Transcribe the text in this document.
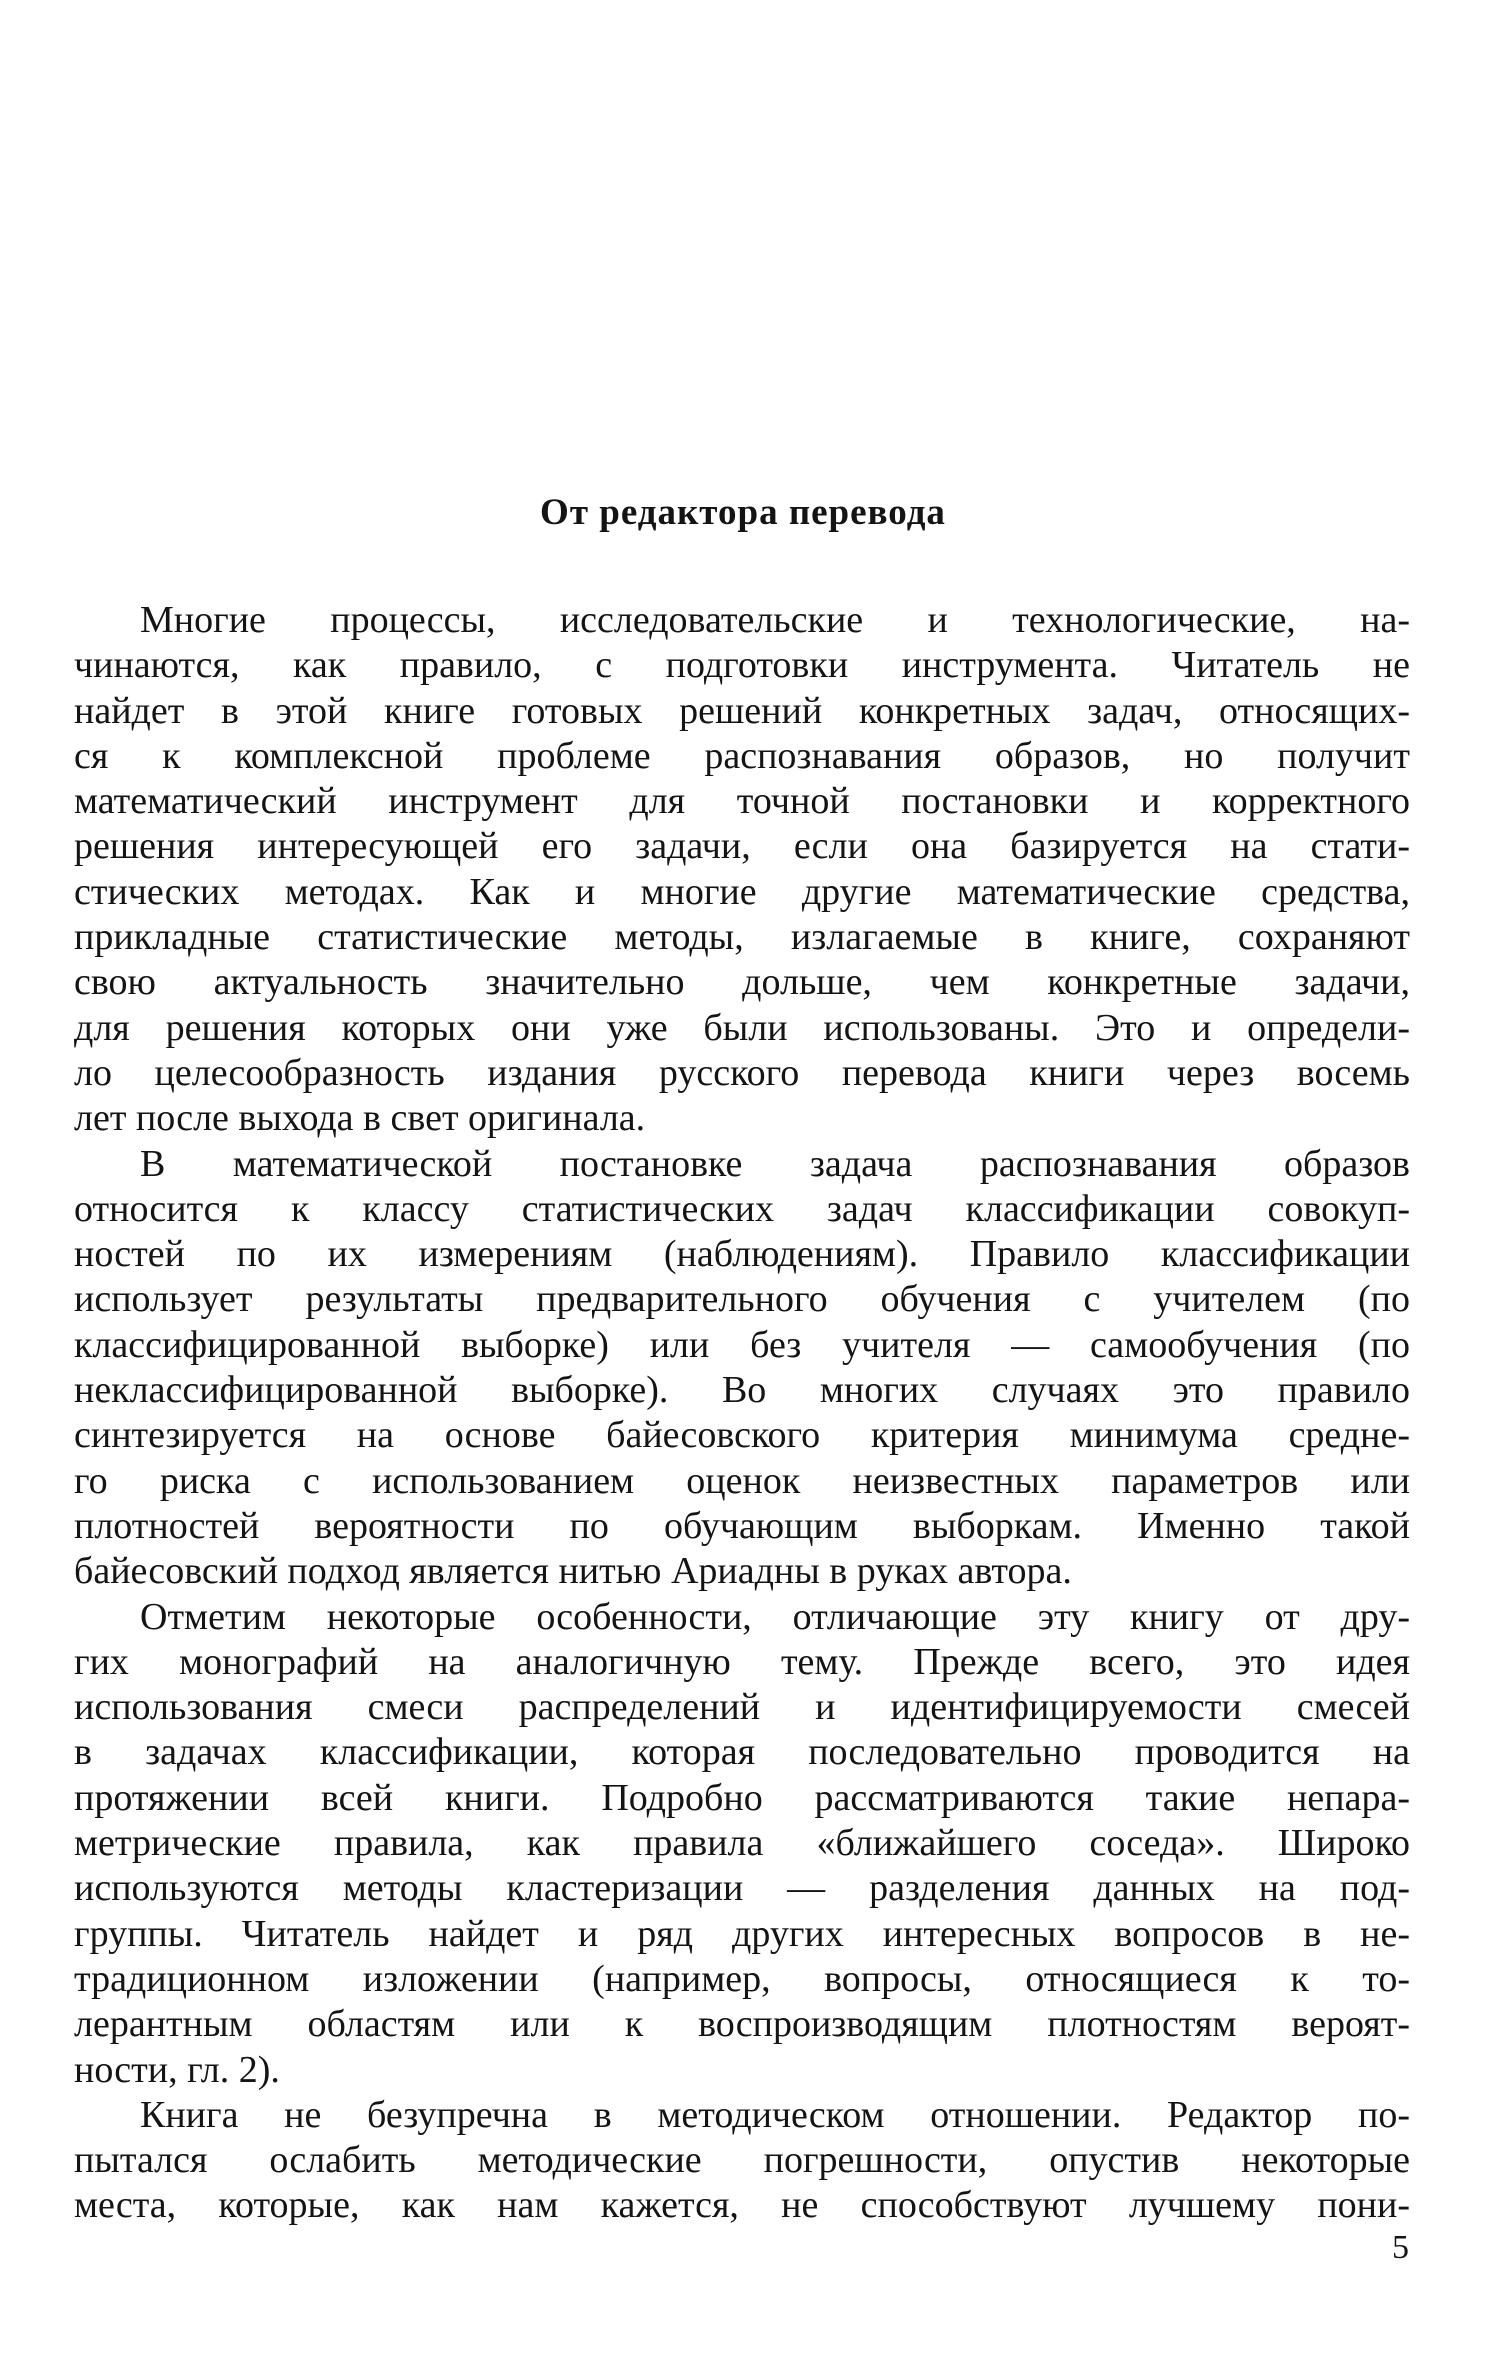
От редактора перевода
Многие процессы, исследовательские и технологические, на-
чинаются, как правило, с подготовки инструмента. Читатель не
найдет в этой книге готовых решений конкретных задач, относящих-
ся к комплексной проблеме распознавания образов, но получит
математический инструмент для точной постановки и корректного
решения интересующей его задачи, если она базируется на стати-
стических методах. Как и многие другие математические средства,
прикладные статистические методы, излагаемые в книге, сохраняют
свою актуальность значительно дольше, чем конкретные задачи,
для решения которых они уже были использованы. Это и определи-
ло целесообразность издания русского перевода книги через восемь
лет после выхода в свет оригинала.
В математической постановке задача распознавания образов
относится к классу статистических задач классификации совокуп-
ностей по их измерениям (наблюдениям). Правило классификации
использует результаты предварительного обучения с учителем (по
классифицированной выборке) или без учителя — самообучения (по
неклассифицированной выборке). Во многих случаях это правило
синтезируется на основе байесовского критерия минимума средне-
го риска с использованием оценок неизвестных параметров или
плотностей вероятности по обучающим выборкам. Именно такой
байесовский подход является нитью Ариадны в руках автора.
Отметим некоторые особенности, отличающие эту книгу от дру-
гих монографий на аналогичную тему. Прежде всего, это идея
использования смеси распределений и идентифицируемости смесей
в задачах классификации, которая последовательно проводится на
протяжении всей книги. Подробно рассматриваются такие непара-
метрические правила, как правила «ближайшего соседа». Широко
используются методы кластеризации — разделения данных на под-
группы. Читатель найдет и ряд других интересных вопросов в не-
традиционном изложении (например, вопросы, относящиеся к то-
лерантным областям или к воспроизводящим плотностям вероят-
ности, гл. 2).
Книга не безупречна в методическом отношении. Редактор по-
пытался ослабить методические погрешности, опустив некоторые
места, которые, как нам кажется, не способствуют лучшему пони-
5
